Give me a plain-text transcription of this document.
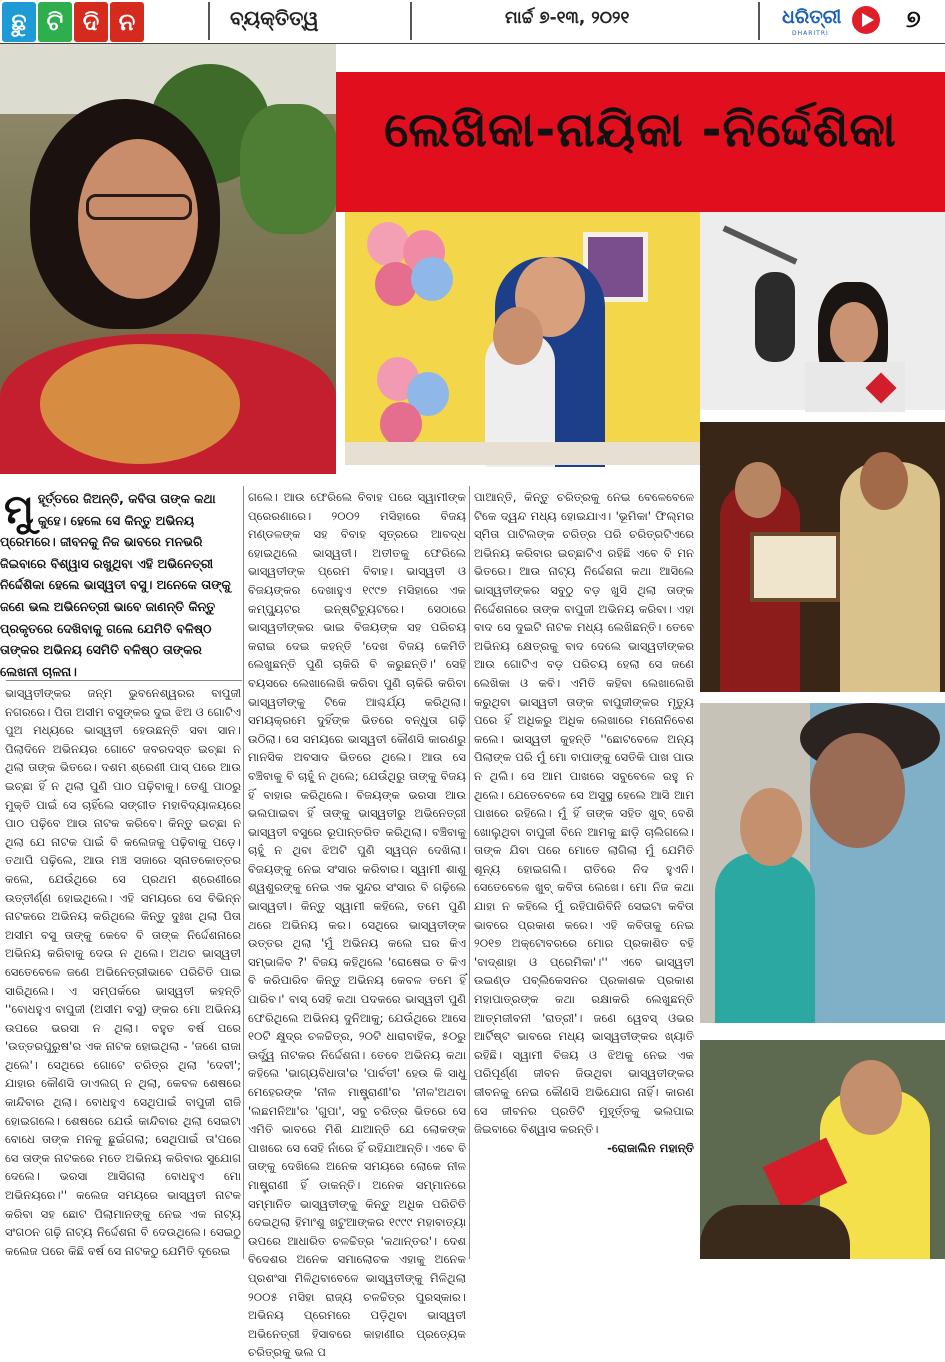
ଛୁ ଟି ଦି ନ	ବ୍ୟକ୍ତିତ୍ୱ	ମାର୍ଚ୍ଚ ୭-୧୩, ୨୦୨୧	ଧରିତ୍ରୀ
DHARITRI
୭
ଲେଖିକା-ନାୟିକା -ନିର୍ଦ୍ଦେଶିକା
ମୁହୂର୍ତ୍ତରେ ଜିଅନ୍ତି, କବିତା ତାଙ୍କ କଥା କୁହେ। ହେଲେ ସେ କିନ୍ତୁ ଅଭିନୟ ପ୍ରେମରେ। ଜୀବନକୁ ନିଜ ଭାବରେ ମନଭରି ଜିଇବାରେ ବିଶ୍ୱାସ ରଖୁଥିବା ଏହି ଅଭିନେତ୍ରୀ ନିର୍ଦ୍ଦେଶିକା ହେଲେ ଭାସ୍ୱତୀ ବସୁ। ଅନେକେ ତାଙ୍କୁ ଜଣେ ଭଲ ଅଭିନେତ୍ରୀ ଭାବେ ଜାଣନ୍ତି କିନ୍ତୁ ପ୍ରକୃତରେ ଦେଖିବାକୁ ଗଲେ ଯେମିତି ବଳିଷ୍ଠ ତାଙ୍କର ଅଭିନୟ ସେମିତି ବଳିଷ୍ଠ ତାଙ୍କର ଲେଖନୀ ଚାଳନା।

ଭାସ୍ୱତୀଙ୍କର ଜନ୍ମ ଭୁବନେଶ୍ୱରର ବାପୁଜୀ ନଗରରେ। ପିତା ଅସୀମ ବସୁଙ୍କର ଦୁଇ ଝିଅ ଓ ଗୋଟିଏ ପୁଅ ମଧ୍ୟରେ ଭାସ୍ୱତୀ ହେଉଛନ୍ତି ସବା ସାନ। ପିଲାଦିନେ ଅଭିନୟର ଗୋଟେ ଜବରଦସ୍ତ ଇଚ୍ଛା ନ ଥିଲା ତାଙ୍କ ଭିତରେ। ଦଶମ ଶ୍ରେଣୀ ପାସ୍ ପରେ ଆଉ ଇଚ୍ଛା ହିଁ ନ ଥିଲା ପୁଣି ପାଠ ପଢ଼ିବାକୁ। ତେଣୁ ପାଠରୁ ମୁକ୍ତି ପାଇଁ ସେ ଚାହିଁଲେ ସଙ୍ଗୀତ ମହାବିଦ୍ୟାଳୟରେ ପାଠ ପଢ଼ିବେ ଆଉ ନାଟକ କରିବେ। କିନ୍ତୁ ଇଚ୍ଛା ନ ଥିଲା ଯେ ନାଟକ ପାଇଁ ବି କଲେଜକୁ ପଢ଼ିବାକୁ ପଡ଼େ। ତଥାପି ପଢ଼ିଲେ, ଆଉ ମଞ୍ଚ ସଜାରେ ସ୍ନାତକୋତ୍ତର କଲେ, ଯେଉଁଥିରେ ସେ ପ୍ରଥମ ଶ୍ରେଣୀରେ ଉତ୍ତୀର୍ଣ୍ଣ ହୋଇଥିଲେ। ଏହି ସମୟରେ ସେ ବିଭିନ୍ନ ନାଟକରେ ଅଭିନୟ କରିଥିଲେ କିନ୍ତୁ ଦୁଃଖ ଥିଲା ପିତା ଅସୀମ ବସୁ ତାଙ୍କୁ କେବେ ବି ତାଙ୍କ ନିର୍ଦ୍ଦେଶନାରେ ଅଭିନୟ କରିବାକୁ ଦେଉ ନ ଥିଲେ। ଅଥଚ ଭାସ୍ୱତୀ ସେତେବେଳେ ଜଣେ ଅଭିନେତ୍ରୀଭାବେ ପରିଚିତି ପାଇ ସାରିଥିଲେ। ଏ ସମ୍ପର୍କରେ ଭାସ୍ୱତୀ କହନ୍ତି ''ବୋଧହୁଏ ବାପୁଜୀ (ଅସୀମ ବସୁ) ଙ୍କର ମୋ ଅଭିନୟ ଉପରେ ଭରସା ନ ଥିଲା। ବହୁତ ବର୍ଷ ପରେ 'ଉତ୍ତରପୁରୁଷ'ର ଏକ ନାଟକ ହୋଇଥିଲା - 'ଜଣେ ରାଜା ଥିଲେ'। ସେଥିରେ ଗୋଟେ ଚରିତ୍ର ଥିଲା 'ଦେବୀ'; ଯାହାର କୌଣସି ଡାଏଲଗ୍ ନ ଥିଲା, କେବଳ ଶେଷରେ କାନ୍ଦିବାର ଥିଲା। ବୋଧହୁଏ ସେଥିପାଇଁ ବାପୁଜୀ ରାଜି ହୋଇଗଲେ। ଶେଷରେ ଯେଉଁ କାନ୍ଦିବାର ଥିଲା ସେଇଟା ବୋଧେ ତାଙ୍କ ମନକୁ ଛୁଇଁଗଲା; ସେଥିପାଇଁ ତା'ପରେ ସେ ତାଙ୍କ ନାଟକରେ ମତେ ଅଭିନୟ କରିବାର ସୁଯୋଗ ଦେଲେ। ଭରସା ଆସିଗଲା ବୋଧହୁଏ ମୋ ଅଭିନୟରେ।'' କଲେଜ ସମୟରେ ଭାସ୍ୱତୀ ନାଟକ କରିବା ସହ ଛୋଟ ପିଲାମାନଙ୍କୁ ନେଇ ଏକ ନାଟ୍ୟ ସଂଗଠନ ଗଢ଼ି ନାଟ୍ୟ ନିର୍ଦ୍ଦେଶନା ବି ଦେଉଥିଲେ। ସେଇଠୁ କଲେଜ ପରେ କିଛି ବର୍ଷ ସେ ନାଟକଠୁ ଯେମିତି ଦୂରେଇ

ଗଲେ। ଆଉ ଫେରିଲେ ବିବାହ ପରେ ସ୍ୱାମୀଙ୍କ ପ୍ରେରଣାରେ। ୨୦୦୨ ମସିହାରେ ବିଜୟ ମଣ୍ଡଳଙ୍କ ସହ ବିବାହ ସୂତ୍ରରେ ଆବଦ୍ଧ ହୋଇଥିଲେ ଭାସ୍ୱତୀ। ଅତୀତକୁ ଫେରିଲେ ଭାସ୍ୱତୀଙ୍କ ପ୍ରେମ ବିବାହ। ଭାସ୍ୱତୀ ଓ ବିଜୟଙ୍କର ଦେଖାହୁଏ ୧୯୯୭ ମସିହାରେ ଏକ କମ୍ପ୍ୟୁଟର ଇନ୍‌ଷ୍ଟିଚ୍ୟୁଟରେ। ସେଠାରେ ଭାସ୍ୱତୀଙ୍କର ଭାଇ ବିଜୟଙ୍କ ସହ ପରିଚୟ କରାଇ ଦେଇ କହନ୍ତି 'ଦେଖ ବିଜୟ କେମିତି ଲେଖୁଛନ୍ତି ପୁଣି ଚାକିରି ବି କରୁଛନ୍ତି।' ସେହି ବୟସରେ ଲେଖାଲେଖି କରିବା ପୁଣି ଚାକିରି କରିବା ଭାସ୍ୱତୀଙ୍କୁ ଟିକେ ଆଶ୍ଚର୍ଯ୍ୟ କରିଥିଲା। ସମୟକ୍ରମେ ଦୁହିଁଙ୍କ ଭିତରେ ବନ୍ଧୁତା ଗଢ଼ି ଉଠିଲା। ସେ ସମୟରେ ଭାସ୍ୱତୀ କୌଣସି କାରଣରୁ ମାନସିକ ଅବସାଦ ଭିତରେ ଥିଲେ। ଆଉ ସେ ବଞ୍ଚିବାକୁ ବି ଚାହୁଁ ନ ଥିଲେ; ଯେଉଁଥିରୁ ତାଙ୍କୁ ବିଜୟ ହିଁ ବାହାର କରିଥିଲେ। ବିଜୟଙ୍କ ଭରସା ଆଉ ଭଲପାଇବା ହିଁ ତାଙ୍କୁ ଭାସ୍ୱତୀରୁ ଅଭିନେତ୍ରୀ ଭାସ୍ୱତୀ ବସୁରେ ରୂପାନ୍ତରିତ କରିଥିଲା। ବଞ୍ଚିବାକୁ ଚାହୁଁ ନ ଥିବା ଝିଅଟି ପୁଣି ସ୍ୱପ୍ନ ଦେଖିଲା। ବିଜୟଙ୍କୁ ନେଇ ସଂସାର କରିବାର। ସ୍ୱାମୀ ଶାଶୁ ଶ୍ୱଶୁରଙ୍କୁ ନେଇ ଏକ ସୁନ୍ଦର ସଂସାର ବି ଗଢ଼ିଲେ ଭାସ୍ୱତୀ। କିନ୍ତୁ ସ୍ୱାମୀ କହିଲେ, ତମେ ପୁଣି ଥରେ ଅଭିନୟ କର। ସେଥିରେ ଭାସ୍ୱତୀଙ୍କ ଉତ୍ତର ଥିଲା 'ମୁଁ ଅଭିନୟ କଲେ ଘର କିଏ ସମ୍ଭାଳିବ ?' ବିଜୟ କହିଥିଲେ 'ରୋଷେଇ ତ କିଏ ବି କରିପାରିବ କିନ୍ତୁ ଅଭିନୟ କେବଳ ତମେ ହିଁ ପାରିବ।' ବାସ୍ ସେହି କଥା ପଦକରେ ଭାସ୍ୱତୀ ପୁଣି ଫେରିଥିଲେ ଅଭିନୟ ଦୁନିଆକୁ; ଯେଉଁଥିରେ ଆସେ ୧୦ଟି କ୍ଷୁଦ୍ର ଚଳଚ୍ଚିତ୍ର, ୨୦ଟି ଧାରାବାହିକ, ୫୦ରୁ ଊର୍ଦ୍ଧ୍ୱ ନାଟକର ନିର୍ଦ୍ଦେଶନା। ତେବେ ଅଭିନୟ କଥା କହିଲେ 'ଭାଗ୍ୟବିଧାତା'ର 'ପାର୍ବତୀ' ହେଉ କି ସାଧୁ ମେହେରଙ୍କ 'ନୀଳ ମାଷ୍ଟ୍ରାଣୀ'ର 'ନୀଳ'ଅଥବା 'ଲଛମନିଆ'ର 'ଗୁପା', ସବୁ ଚରିତ୍ର ଭିତରେ ସେ ଏମିତି ଭାବରେ ମିଶି ଯାଆନ୍ତି ଯେ ଲୋକଙ୍କ ପାଖରେ ସେ ସେହି ନାଁରେ ହିଁ ରହିଯାଆନ୍ତି। ଏବେ ବି ତାଙ୍କୁ ଦେଖିଲେ ଅନେକ ସମୟରେ ଲୋକେ ନୀଳ ମାଷ୍ଟ୍ରାଣୀ ହିଁ ଡାକନ୍ତି। ଅନେକ ସମ୍ମାନରେ ସମ୍ମାନିତ ଭାସ୍ୱତୀଙ୍କୁ କିନ୍ତୁ ଅଧିକ ପରିଚିତି ଦେଇଥିଲା ହିମାଂଶୁ ଖଟୁଆଙ୍କର ୧୯୯୯ ମହାବାତ୍ୟା ଉପରେ ଆଧାରିତ ଚଳଚ୍ଚିତ୍ର 'କଥାନ୍ତର'। ଦେଶ ବିଦେଶର ଅନେକ ସମାଲୋଚକ ଏହାକୁ ଅନେକ ପ୍ରଶଂସା ମିଳିଥିବାବେଳେ ଭାସ୍ୱତୀଙ୍କୁ ମିଳିଥିଲା ୨୦୦୫ ମସିହା ରାଜ୍ୟ ଚଳଚ୍ଚିତ୍ର ପୁରସ୍କାର। ଅଭିନୟ ପ୍ରେମରେ ପଡ଼ିଥିବା ଭାସ୍ୱତୀ ଅଭିନେତ୍ରୀ ହିସାବରେ କାହାଣୀର ପ୍ରତ୍ୟେକ ଚରିତ୍ରକୁ ଭଲ ପ

ପାଆନ୍ତି, କିନ୍ତୁ ଚରିତ୍ରକୁ ନେଇ ବେଳେବେଳେ ଟିକେ ଦ୍ୱନ୍ଦ ମଧ୍ୟ ହୋଇଯାଏ। 'ଭୂମିକା' ଫିଲ୍ମର ସ୍ମିତା ପାଟିଲଙ୍କ ଚରିତ୍ର ପରି ଚରିତ୍ରଟିଏରେ ଅଭିନୟ କରିବାର ଇଚ୍ଛାଟିଏ ରହିଛି ଏବେ ବି ମନ ଭିତରେ। ଆଉ ନାଟ୍ୟ ନିର୍ଦ୍ଦେଶନା କଥା ଆସିଲେ ଭାସ୍ୱତୀଙ୍କର ସବୁଠୁ ବଡ଼ ଖୁସି ଥିଲା ତାଙ୍କ ନିର୍ଦ୍ଦେଶନାରେ ତାଙ୍କ ବାପୁଜୀ ଅଭିନୟ କରିବା। ଏହା ବାଦ ସେ ଦୁଇଟି ନାଟକ ମଧ୍ୟ ଲେଖିଛନ୍ତି। ତେବେ ଅଭିନୟ କ୍ଷେତ୍ରକୁ ବାଦ ଦେଲେ ଭାସ୍ୱତୀଙ୍କର ଆଉ ଗୋଟିଏ ବଡ଼ ପରିଚୟ ହେଲା ସେ ଜଣେ ଲେଖିକା ଓ କବି। ଏମିତି କହିବା ଲେଖାଲେଖି କରୁଥିବା ଭାସ୍ୱତୀ ତାଙ୍କ ବାପୁଜୀଙ୍କର ମୃତ୍ୟୁ ପରେ ହିଁ ଅଧିକରୁ ଅଧିକ ଲେଖାରେ ମନୋନିବେଶ କଲେ। ଭାସ୍ୱତୀ କୁହନ୍ତି ''ଛୋଟବେଳେ ଅନ୍ୟ ପିଲାଙ୍କ ପରି ମୁଁ ମୋ ବାପାଙ୍କୁ ସେତିକି ପାଖ ପାଉ ନ ଥିଲି। ସେ ଆମ ପାଖରେ ସବୁବେଳେ ରହୁ ନ ଥିଲେ। ଯେତେବେଳେ ସେ ଅସୁସ୍ଥ ହେଲେ ଆସି ଆମ ପାଖରେ ରହିଲେ। ମୁଁ ହିଁ ତାଙ୍କ ସହିତ ଖୁବ୍ ବେଶି ଖୋଲୁଥିବା ବାପୁଜୀ ବିନେ ଆମକୁ ଛାଡ଼ି ଚାଲିଗଲେ। ତାଙ୍କ ଯିବା ପରେ ମୋତେ ଲାଗିଲା ମୁଁ ଯେମିତି ଶୂନ୍ୟ ହୋଇଗଲି। ରାତିରେ ନିଦ ହୁଏନି। ସେତେବେଳେ ଖୁବ୍ କବିତା ଲେଖେ। ମୋ ନିଜ କଥା ଯାହା ନ କହିଲେ ମୁଁ ରହିପାରିବିନି ସେଇଟା କବିତା ଭାବରେ ପ୍ରକାଶ କରେ। ଏହି କବିତାକୁ ନେଇ ୨୦୧୭ ଅକ୍ଟୋବରରେ ମୋର ପ୍ରକାଶିତ ବହି 'ବାଦ୍‌ଶାହା ଓ ପ୍ରେମିକା'।'' ଏବେ ଭାସ୍ୱତୀ ଉଇଣ୍ଡ ପବ୍ଲିକେସନର ପ୍ରକାଶକ ପ୍ରକାଶ ମହାପାତ୍ରଙ୍କ କଥା ରକ୍ଷାକରି ଲେଖୁଛନ୍ତି ଆତ୍ମଜୀବନୀ 'ରାତ୍ରୀ'। ଜଣେ ୱେବସ୍ ଓଭର ଆର୍ଟିଷ୍ଟ ଭାବରେ ମଧ୍ୟ ଭାସ୍ୱତୀଙ୍କର ଖ୍ୟାତି ରହିଛି। ସ୍ୱାମୀ ବିଜୟ ଓ ଝିଅକୁ ନେଇ ଏକ ପରିପୂର୍ଣ୍ଣ ଜୀବନ ଜିଉଥିବା ଭାସ୍ୱତୀଙ୍କର ଜୀବନକୁ ନେଇ କୌଣସି ଅଭିଯୋଗ ନାହିଁ। କାରଣ ସେ ଜୀବନର ପ୍ରତିଟି ମୁହୂର୍ତ୍ତକୁ ଭଲପାଇ ଜିଇବାରେ ବିଶ୍ୱାସ କରନ୍ତି।

-ରୋଜାଲିନ ମହାନ୍ତି
